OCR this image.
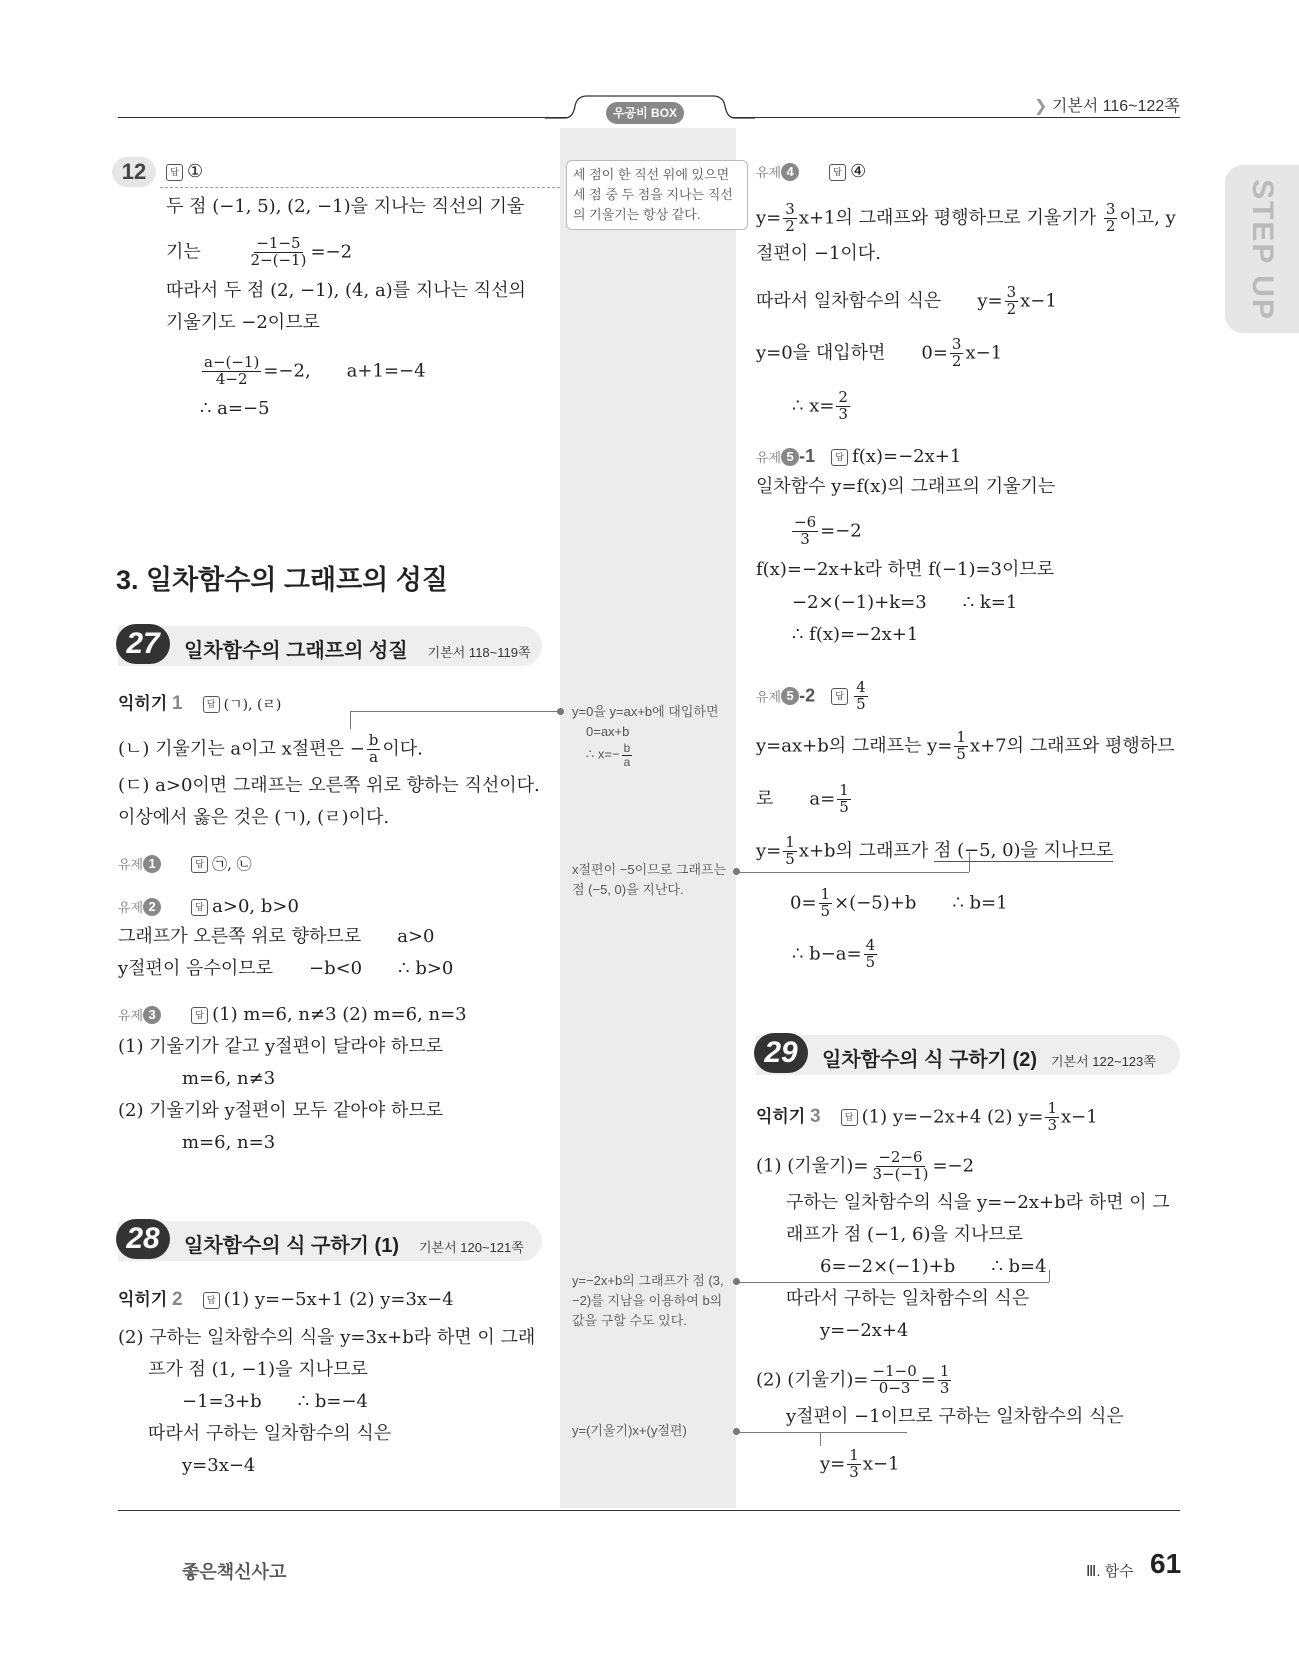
우공비 BOX	❯ 기본서 116~122쪽
STEP UP
12	답 ①
두 점 (−1, 5), (2, −1)을 지나는 직선의 기울
기는	$\frac{-1-5}{2-(-1)} =-2$
따라서 두 점 (2, −1), (4, a)를 지나는 직선의
기울기도 −2이므로
$\frac{a-(-1)}{4-2} =-2$, a+1=−4
∴ a=−5
세 점이 한 직선 위에 있으면 세 점 중 두 점을 지나는 직선의 기울기는 항상 같다.
3. 일차함수의 그래프의 성질
27	일차함수의 그래프의 성질 기본서 118~119쪽
익히기 1	답 (ㄱ), (ㄹ)
(ㄴ) 기울기는 a이고 x절편은 − $\frac{b}{a}$ 이다.
(ㄷ) a>0이면 그래프는 오른쪽 위로 향하는 직선이다.
이상에서 옳은 것은 (ㄱ), (ㄹ)이다.
y=0을 y=ax+b에 대입하면
0=ax+b
∴ $x=- \frac{b}{a}$
유제 1	답 ㉠, ㉡
유제 2	답 a>0, b>0
그래프가 오른쪽 위로 향하므로 a>0
y절편이 음수이므로 −b<0 ∴ b>0
유제 3	답 (1) m=6, n≠3 (2) m=6, n=3
(1) 기울기가 같고 y절편이 달라야 하므로
m=6, n≠3
(2) 기울기와 y절편이 모두 같아야 하므로
m=6, n=3
28	일차함수의 식 구하기 (1) 기본서 120~121쪽
익히기 2	답 (1) y=−5x+1 (2) y=3x−4
(2) 구하는 일차함수의 식을 y=3x+b라 하면 이 그래
프가 점 (1, −1)을 지나므로
−1=3+b ∴ b=−4
따라서 구하는 일차함수의 식은
y=3x−4
x절편이 −5이므로 그래프는 점 (−5, 0)을 지난다.
y=−2x+b의 그래프가 점 (3, −2)를 지남을 이용하여 b의 값을 구할 수도 있다.
y=(기울기)x+(y절편)
유제 4	답 ④
$y= \frac{3}{2} x+1$의 그래프와 평행하므로 기울기가 $\frac{3}{2}$ 이고, y
절편이 −1이다.
따라서 일차함수의 식은 $y= \frac{3}{2} x-1$
y=0을 대입하면 $0= \frac{3}{2} x-1$
∴ $x= \frac{2}{3}$
유제 5 -1 답 f(x)=−2x+1
일차함수 y=f(x)의 그래프의 기울기는
$\frac{-6}{3} =-2$
f(x)=−2x+k라 하면 f(−1)=3이므로
−2×(−1)+k=3 ∴ k=1
∴ f(x)=−2x+1
유제 5 -2 답 $\frac{4}{5}$
y=ax+b의 그래프는 $y= \frac{1}{5} x+7$의 그래프와 평행하므
로 $a= \frac{1}{5}$
$y= \frac{1}{5} x+b$의 그래프가 점 (−5, 0)을 지나므로
$0= \frac{1}{5} \times(-5)+b$ ∴ b=1
∴ $b-a= \frac{4}{5}$
29	일차함수의 식 구하기 (2) 기본서 122~123쪽
익히기 3	답 (1) y=−2x+4 (2) $y= \frac{1}{3} x-1$
(1) (기울기)= $\frac{-2-6}{3-(-1)} =-2$
구하는 일차함수의 식을 y=−2x+b라 하면 이 그
래프가 점 (−1, 6)을 지나므로
6=−2×(−1)+b ∴ b=4
따라서 구하는 일차함수의 식은
y=−2x+4
(2) (기울기)= $\frac{-1-0}{0-3} = \frac{1}{3}$
y절편이 −1이므로 구하는 일차함수의 식은
$y= \frac{1}{3} x-1$
좋은책신사고	Ⅲ. 함수 61
